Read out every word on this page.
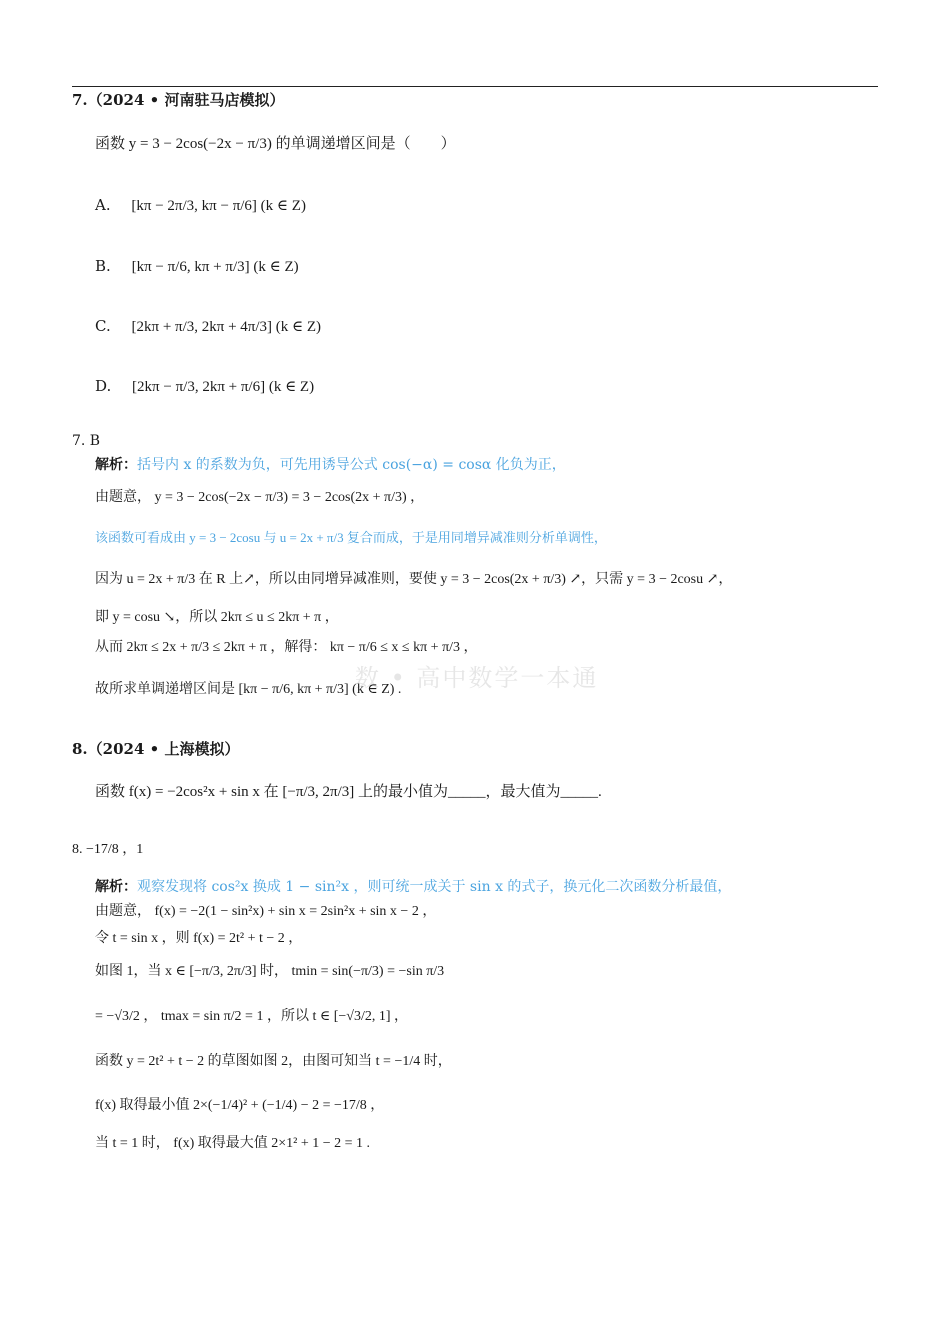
数 • 高中数学一本通
7.（2024 • 河南驻马店模拟）
函数 y = 3 − 2cos(−2x − π/3) 的单调递增区间是（　　）
A. [kπ − 2π/3, kπ − π/6] (k ∈ Z)
B. [kπ − π/6, kπ + π/3] (k ∈ Z)
C. [2kπ + π/3, 2kπ + 4π/3] (k ∈ Z)
D. [2kπ − π/3, 2kπ + π/6] (k ∈ Z)
7. B
解析：括号内 x 的系数为负，可先用诱导公式 cos(−α) = cosα 化负为正，
由题意， y = 3 − 2cos(−2x − π/3) = 3 − 2cos(2x + π/3) ，
该函数可看成由 y = 3 − 2cosu 与 u = 2x + π/3 复合而成，于是用同增异减准则分析单调性，
因为 u = 2x + π/3 在 R 上↗，所以由同增异减准则，要使 y = 3 − 2cos(2x + π/3) ↗，只需 y = 3 − 2cosu ↗，
即 y = cosu ↘，所以 2kπ ≤ u ≤ 2kπ + π ，
从而 2kπ ≤ 2x + π/3 ≤ 2kπ + π ，解得： kπ − π/6 ≤ x ≤ kπ + π/3 ，
故所求单调递增区间是 [kπ − π/6, kπ + π/3] (k ∈ Z) .
8.（2024 • 上海模拟）
函数 f(x) = −2cos²x + sin x 在 [−π/3, 2π/3] 上的最小值为_____，最大值为_____.
8. −17/8 ，1
解析：观察发现将 cos²x 换成 1 − sin²x ，则可统一成关于 sin x 的式子，换元化二次函数分析最值，
由题意， f(x) = −2(1 − sin²x) + sin x = 2sin²x + sin x − 2 ，
令 t = sin x ，则 f(x) = 2t² + t − 2 ，
如图 1，当 x ∈ [−π/3, 2π/3] 时， tmin = sin(−π/3) = −sin π/3
= −√3/2 ， tmax = sin π/2 = 1 ，所以 t ∈ [−√3/2, 1] ，
函数 y = 2t² + t − 2 的草图如图 2，由图可知当 t = −1/4 时，
f(x) 取得最小值 2×(−1/4)² + (−1/4) − 2 = −17/8 ，
当 t = 1 时， f(x) 取得最大值 2×1² + 1 − 2 = 1 .
